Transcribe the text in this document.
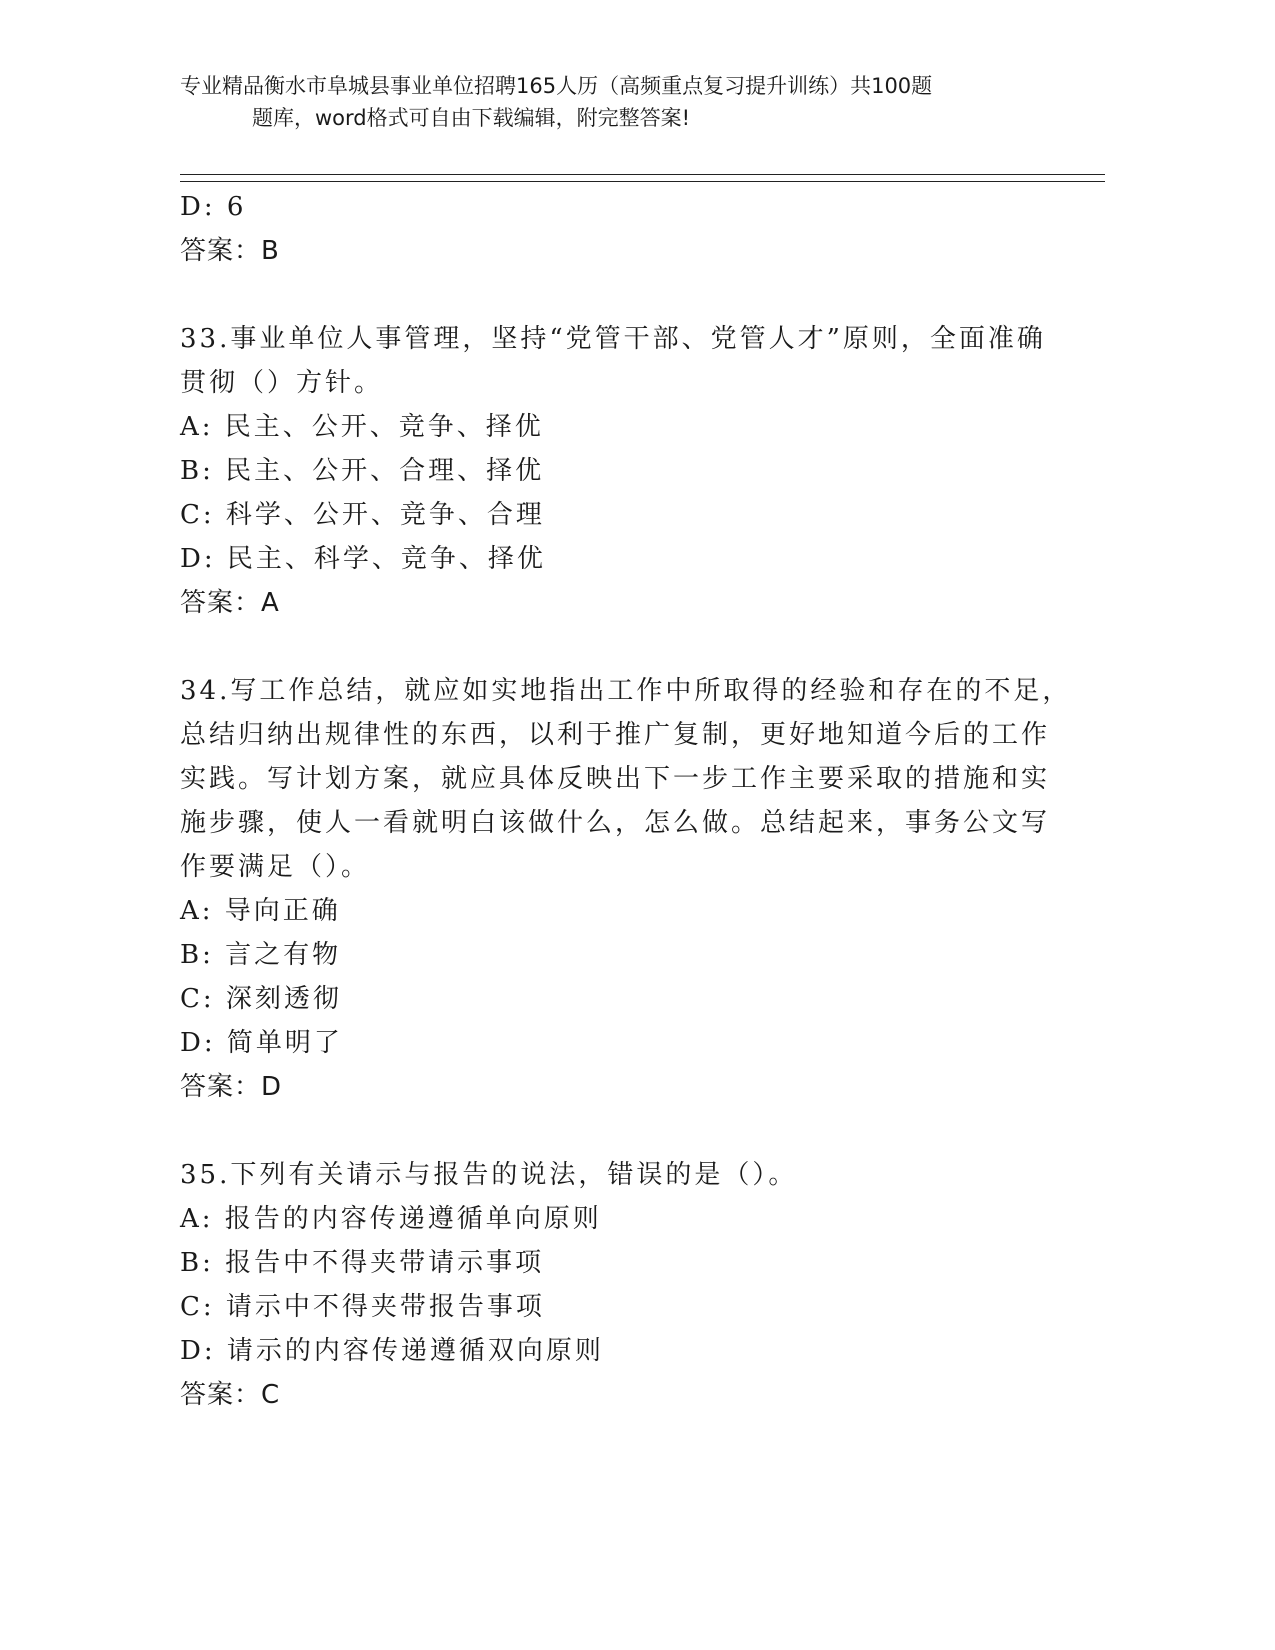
专业精品衡水市阜城县事业单位招聘165人历（高频重点复习提升训练）共100题
题库，word格式可自由下载编辑，附完整答案!

D: 6

答案：B

33.事业单位人事管理，坚持“党管干部、党管人才”原则，全面准确

贯彻（）方针。

A: 民主、公开、竞争、择优

B: 民主、公开、合理、择优

C: 科学、公开、竞争、合理

D: 民主、科学、竞争、择优

答案：A

34.写工作总结，就应如实地指出工作中所取得的经验和存在的不足，

总结归纳出规律性的东西，以利于推广复制，更好地知道今后的工作

实践。写计划方案，就应具体反映出下一步工作主要采取的措施和实

施步骤，使人一看就明白该做什么，怎么做。总结起来，事务公文写

作要满足（）。

A: 导向正确

B: 言之有物

C: 深刻透彻

D: 简单明了

答案：D

35.下列有关请示与报告的说法，错误的是（）。

A: 报告的内容传递遵循单向原则

B: 报告中不得夹带请示事项

C: 请示中不得夹带报告事项

D: 请示的内容传递遵循双向原则

答案：C
